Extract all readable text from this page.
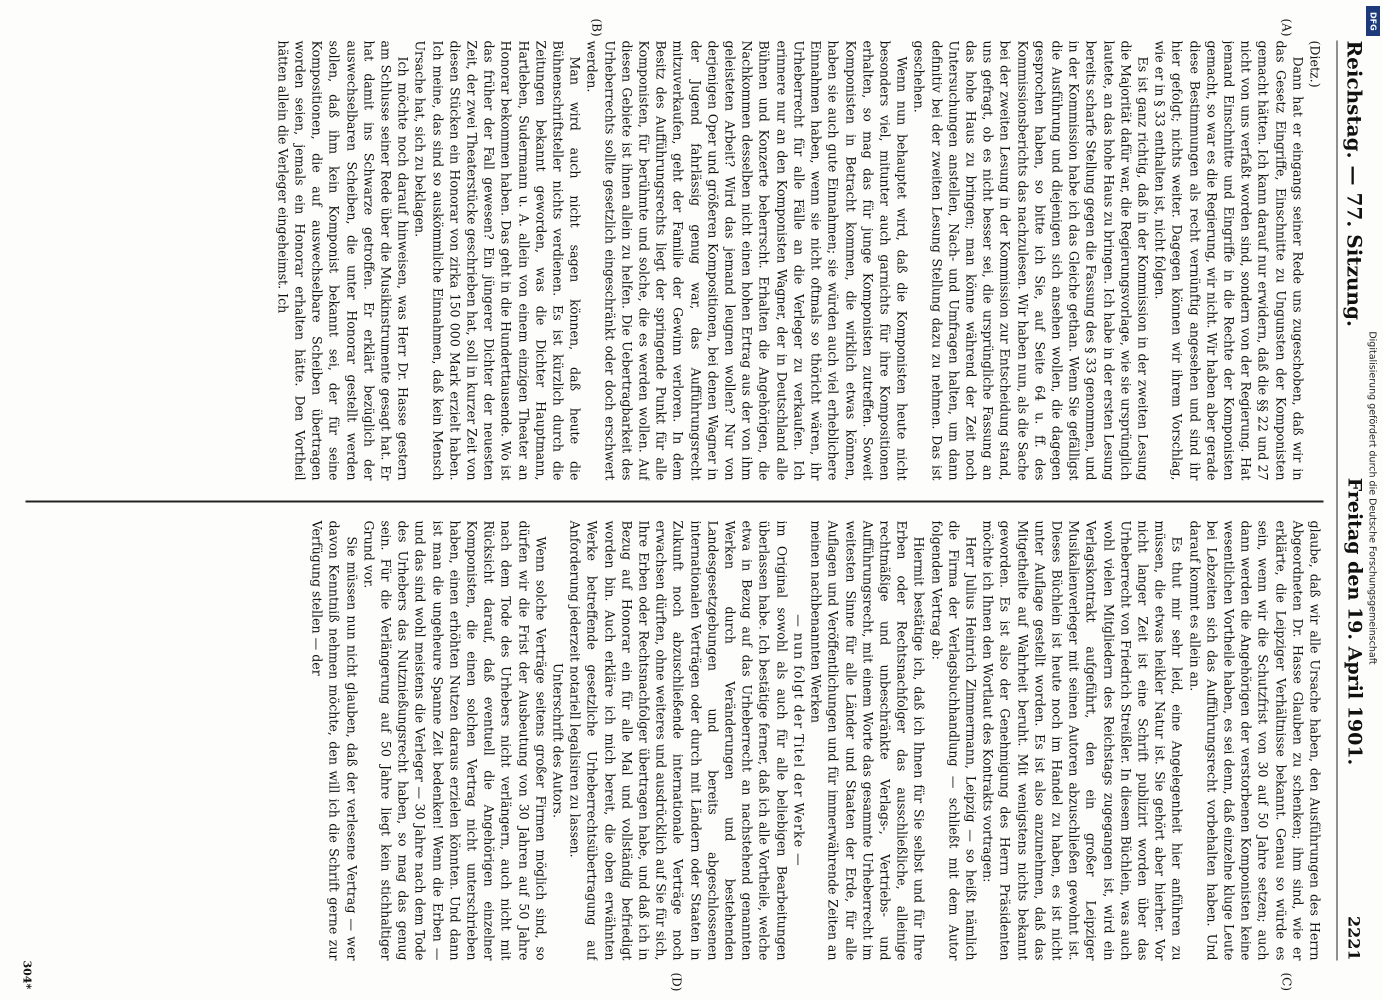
Reichstag. — 77. Sitzung.
Freitag den 19. April 1901.
2221
(A)
(B)
(C)
(D)

(Dietz.)

Dann hat er eingangs seiner Rede uns zugeschoben, daß wir in das Gesetz Eingriffe, Einschnitte zu Ungunsten der Komponisten gemacht hätten. Ich kann darauf nur erwidern, daß die §§ 22 und 27 nicht von uns verfaßt worden sind, sondern von der Regierung. Hat jemand Einschnitte und Eingriffe in die Rechte der Komponisten gemacht, so war es die Regierung, wir nicht. Wir haben aber gerade diese Bestimmungen als recht vernünftig angesehen und sind ihr hier gefolgt; nichts weiter. Dagegen können wir ihrem Vorschlag, wie er in § 33 enthalten ist, nicht folgen.

Es ist ganz richtig, daß in der Kommission in der zweiten Lesung die Majorität dafür war, die Regierungsvorlage, wie sie ursprünglich lautete, an das hohe Haus zu bringen. Ich habe in der ersten Lesung bereits scharfe Stellung gegen die Fassung des § 33 genommen, und in der Kommission habe ich das Gleiche gethan. Wenn Sie gefälligst die Ausführung und diejenigen sich ansehen wollen, die dagegen gesprochen haben, so bitte ich Sie, auf Seite 64 u. ff. des Kommissionsberichts das nachzulesen. Wir haben nun, als die Sache bei der zweiten Lesung in der Kommission zur Entscheidung stand, uns gefragt, ob es nicht besser sei, die ursprüngliche Fassung an das hohe Haus zu bringen; man könne während der Zeit noch Untersuchungen anstellen, Nach- und Umfragen halten, um dann definitiv bei der zweiten Lesung Stellung dazu zu nehmen. Das ist geschehen.

Wenn nun behauptet wird, daß die Komponisten heute nicht besonders viel, mitunter auch garnichts für ihre Kompositionen erhalten, so mag das für junge Komponisten zutreffen. Soweit Komponisten in Betracht kommen, die wirklich etwas können, haben sie auch gute Einnahmen; sie würden auch viel erheblichere Einnahmen haben, wenn sie nicht oftmals so thöricht wären, ihr Urheberrecht für alle Fälle an die Verleger zu verkaufen. Ich erinnere nur an den Komponisten Wagner, der in Deutschland alle Bühnen und Konzerte beherrscht. Erhalten die Angehörigen, die Nachkommen desselben nicht einen hohen Ertrag aus der von ihm geleisteten Arbeit? Wird das jemand leugnen wollen? Nur von derjenigen Oper und größeren Kompositionen, bei denen Wagner in der Jugend fahrlässig genug war, das Aufführungsrecht mitzuverkaufen, geht der Familie der Gewinn verloren. In dem Besitz des Aufführungsrechts liegt der springende Punkt für alle Komponisten, für berühmte und solche, die es werden wollen. Auf diesen Gebiete ist ihnen allein zu helfen. Die Uebertragbarkeit des Urheberrechts sollte gesetzlich eingeschränkt oder doch erschwert werden.

Man wird auch nicht sagen können, daß heute die Bühnenschriftsteller nichts verdienen. Es ist kürzlich durch die Zeitungen bekannt geworden, was die Dichter Hauptmann, Hartleben, Sudermann u. A. allein von einem einzigen Theater an Honorar bekommen haben. Das geht in die Hunderttausende. Wo ist das früher der Fall gewesen? Ein jüngerer Dichter der neuesten Zeit, der zwei Theaterstücke geschrieben hat, soll in kurzer Zeit von diesen Stücken ein Honorar von zirka 150 000 Mark erzielt haben. Ich meine, das sind so auskömmliche Einnahmen, daß kein Mensch Ursache hat, sich zu beklagen.

Ich möchte noch darauf hinweisen, was Herr Dr. Hasse gestern am Schlusse seiner Rede über die Musikinstrumente gesagt hat. Er hat damit ins Schwarze getroffen. Er erklärt bezüglich der auswechselbaren Scheiben, die unter Honorar gestellt werden sollen, daß ihm kein Komponist bekannt sei, der für seine Kompositionen, die auf auswechselbare Scheiben übertragen worden seien, jemals ein Honorar erhalten hätte. Den Vortheil hätten allein die Verleger eingeheimst. Ich

glaube, daß wir alle Ursache haben, den Ausführungen des Herrn Abgeordneten Dr. Hasse Glauben zu schenken; ihm sind, wie er erklärte, die Leipziger Verhältnisse bekannt. Genau so würde es sein, wenn wir die Schutzfrist von 30 auf 50 Jahre setzen; auch dann werden die Angehörigen der verstorbenen Komponisten keine wesentlichen Vortheile haben, es sei denn, daß einzelne kluge Leute bei Lebzeiten sich das Aufführungsrecht vorbehalten haben. Und darauf kommt es allein an.

Es thut mir sehr leid, eine Angelegenheit hier anführen zu müssen, die etwas heikler Natur ist. Sie gehört aber hierher. Vor nicht langer Zeit ist eine Schrift publizirt worden über das Urheberrecht von Friedrich Streißler. In diesem Büchlein, was auch wohl vielen Mitgliedern des Reichstags zugegangen ist, wird ein Verlagskontrakt aufgeführt, den ein großer Leipziger Musikalienverleger mit seinen Autoren abzuschließen gewohnt ist. Dieses Büchlein ist heute noch im Handel zu haben, es ist nicht unter Auflage gestellt worden. Es ist also anzunehmen, daß das Mitgetheilte auf Wahrheit beruht. Mit wenigstens nichts bekannt geworden. Es ist also der Genehmigung des Herrn Präsidenten möchte ich Ihnen den Wortlaut des Kontrakts vortragen:

Herr Julius Heinrich Zimmermann, Leipzig — so heißt nämlich die Firma der Verlagsbuchhandlung — schließt mit dem Autor folgenden Vertrag ab:

Hiermit bestätige ich, daß ich Ihnen für Sie selbst und für Ihre Erben oder Rechtsnachfolger das ausschließliche, alleinige rechtmäßige und unbeschränkte Verlags-, Vertriebs- und Aufführungsrecht, mit einem Worte das gesammte Urheberrecht im weitesten Sinne für alle Länder und Staaten der Erde, für alle Auflagen und Veröffentlichungen und für immerwährende Zeiten an meinen nachbenannten Werken

— nun folgt der Titel der Werke —

im Original sowohl als auch für alle beliebigen Bearbeitungen überlassen habe. Ich bestätige ferner, daß ich alle Vortheile, welche etwa in Bezug auf das Urheberrecht an nachstehend genannten Werken durch Veränderungen und bestehenden Landesgesetzgebungen und bereits abgeschlossenen internationalen Verträgen oder durch mit Ländern oder Staaten in Zukunft noch abzuschließende internationale Verträge noch erwachsen dürften, ohne weiteres und ausdrücklich auf Sie für sich, Ihre Erben oder Rechtsnachfolger übertragen habe, und daß ich in Bezug auf Honorar ein für alle Mal und vollständig befriedigt worden bin. Auch erkläre ich mich bereit, die oben erwähnten Werke betreffende gesetzliche Urheberrechtsübertragung auf Anforderung jederzeit notariell legalisiren zu lassen.

Unterschrift des Autors.

Wenn solche Verträge seitens großer Firmen möglich sind, so dürfen wir die Frist der Ausbeutung von 30 Jahren auf 50 Jahre nach dem Tode des Urhebers nicht verlängern, auch nicht mit Rücksicht darauf, daß eventuell die Angehörigen einzelner Komponisten, die einen solchen Vertrag nicht unterschrieben haben, einen erhöhten Nutzen daraus erzielen könnten. Und dann ist man die ungeheure Spanne Zeit bedenken! Wenn die Erben — und das sind wohl meistens die Verleger — 30 Jahre nach dem Tode des Urhebers das Nutznießungsrecht haben, so mag das genug sein. Für die Verlängerung auf 50 Jahre liegt kein stichhaltiger Grund vor.

Sie müssen nun nicht glauben, daß der verlesene Vertrag — wer davon Kenntniß nehmen möchte, den will ich die Schrift gerne zur Verfügung stellen — der

304*
DFG
Digitalisierung gefördert durch die Deutsche Forschungsgemeinschaft
